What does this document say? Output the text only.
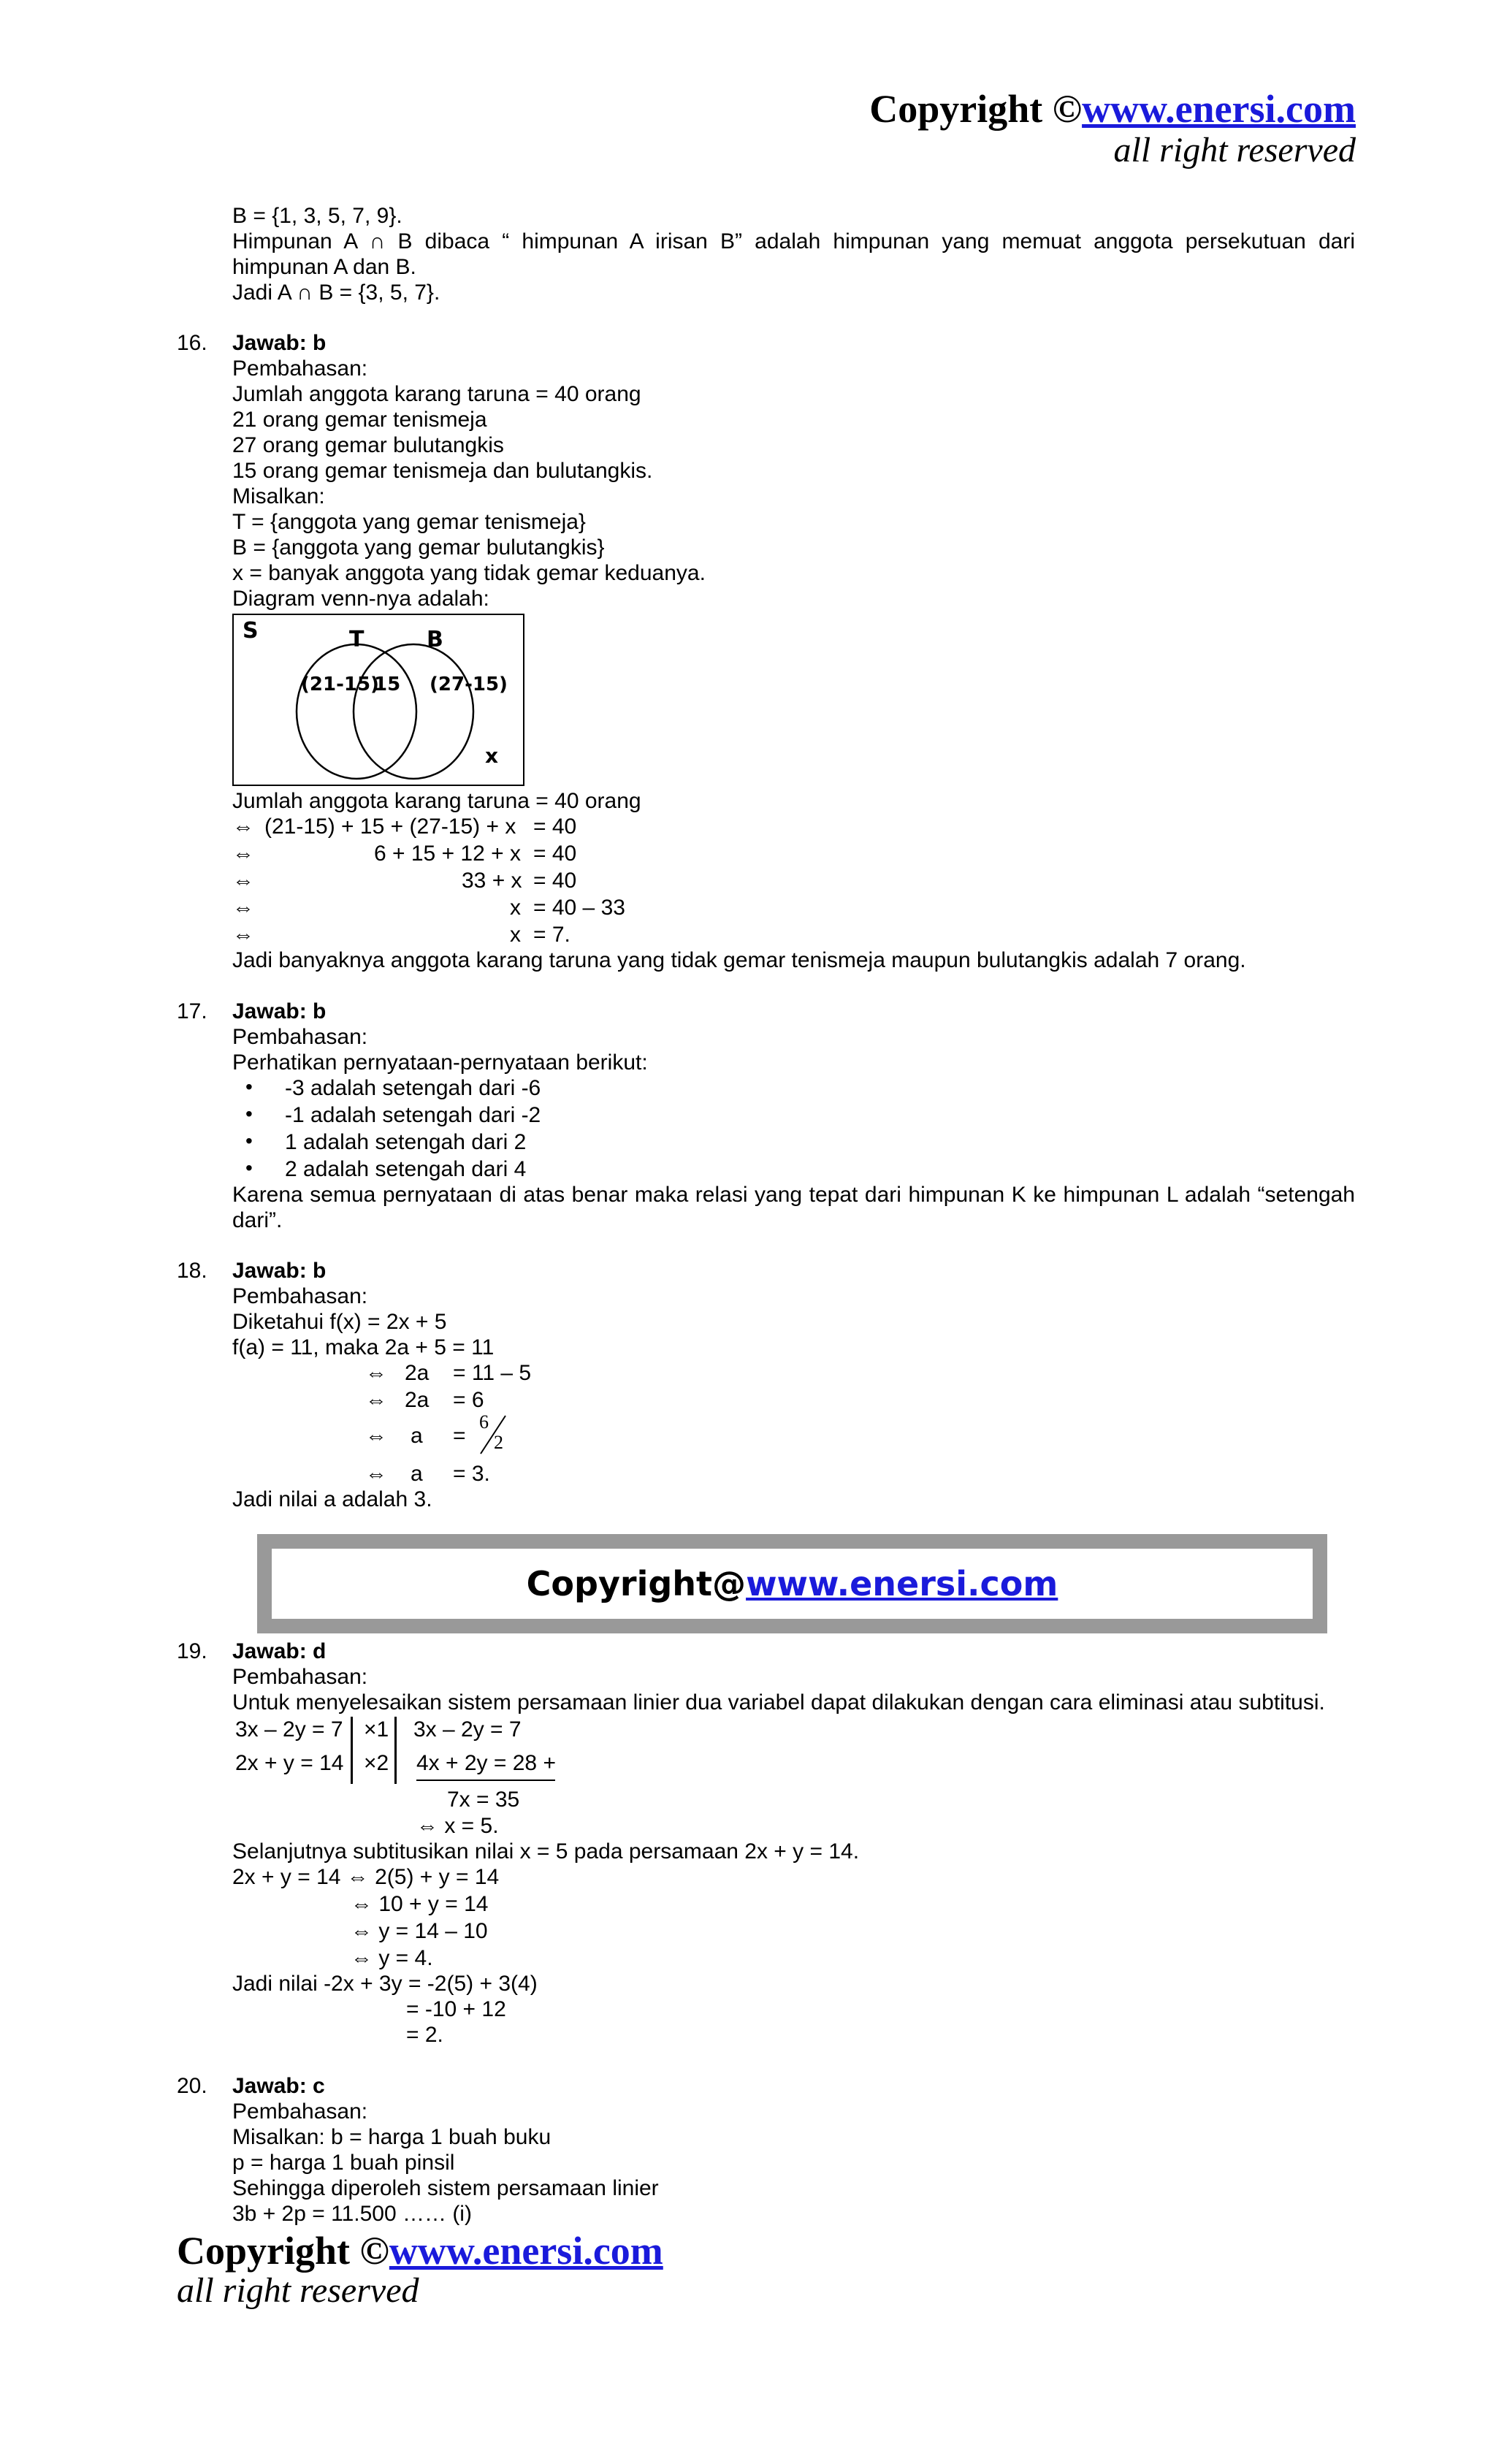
Copyright ©www.enersi.com
all right reserved
B = {1, 3, 5, 7, 9}.
Himpunan A ∩ B dibaca “ himpunan A irisan B” adalah himpunan yang memuat anggota persekutuan dari
himpunan A dan B.
Jadi A ∩ B = {3, 5, 7}.
16. Jawab: b
Pembahasan:
Jumlah anggota karang taruna = 40 orang
21 orang gemar tenismeja
27 orang gemar bulutangkis
15 orang gemar tenismeja dan bulutangkis.
Misalkan:
T = {anggota yang gemar tenismeja}
B = {anggota yang gemar bulutangkis}
x = banyak anggota yang tidak gemar keduanya.
Diagram venn-nya adalah:
S	T	B
(21-15)
15 (27-15)
x
Jumlah anggota karang taruna = 40 orang
⇔
⇔
⇔
⇔
⇔
(21-15) + 15 + (27-15) + x
6 + 15 + 12 + x
33 + x
x
x
= 40
= 40
= 40
= 40 – 33
= 7.
Jadi banyaknya anggota karang taruna yang tidak gemar tenismeja maupun bulutangkis adalah 7 orang.
17. Jawab: b
Pembahasan:
Perhatikan pernyataan-pernyataan berikut:
•
•
•
•
-3 adalah setengah dari -6
-1 adalah setengah dari -2
1 adalah setengah dari 2
2 adalah setengah dari 4
Karena semua pernyataan di atas benar maka relasi yang tepat dari himpunan K ke himpunan L adalah “setengah
dari”.
18. Jawab: b
Pembahasan:
Diketahui f(x) = 2x + 5
f(a) = 11, maka 2a + 5 = 11
⇔
⇔
⇔
⇔
2a
2a
a
a
= 11 – 5
= 6
=
= 3.
6
2
Jadi nilai a adalah 3.
Copyright@www.enersi.com
19. Jawab: d
Pembahasan:
Untuk menyelesaikan sistem persamaan linier dua variabel dapat dilakukan dengan cara eliminasi atau subtitusi.
3x – 2y = 7
2x + y = 14
×1
×2
3x – 2y = 7
4x + 2y = 28 +
7x = 35
⇔ x = 5.
Selanjutnya subtitusikan nilai x = 5 pada persamaan 2x + y = 14.
2x + y = 14 ⇔ 2(5) + y = 14
⇔ 10 + y = 14
⇔ y = 14 – 10
⇔ y = 4.
Jadi nilai -2x + 3y = -2(5) + 3(4)
= -10 + 12
= 2.
20. Jawab: c
Pembahasan:
Misalkan: b = harga 1 buah buku
p = harga 1 buah pinsil
Sehingga diperoleh sistem persamaan linier
3b + 2p = 11.500 …… (i)
Copyright ©www.enersi.com
all right reserved
